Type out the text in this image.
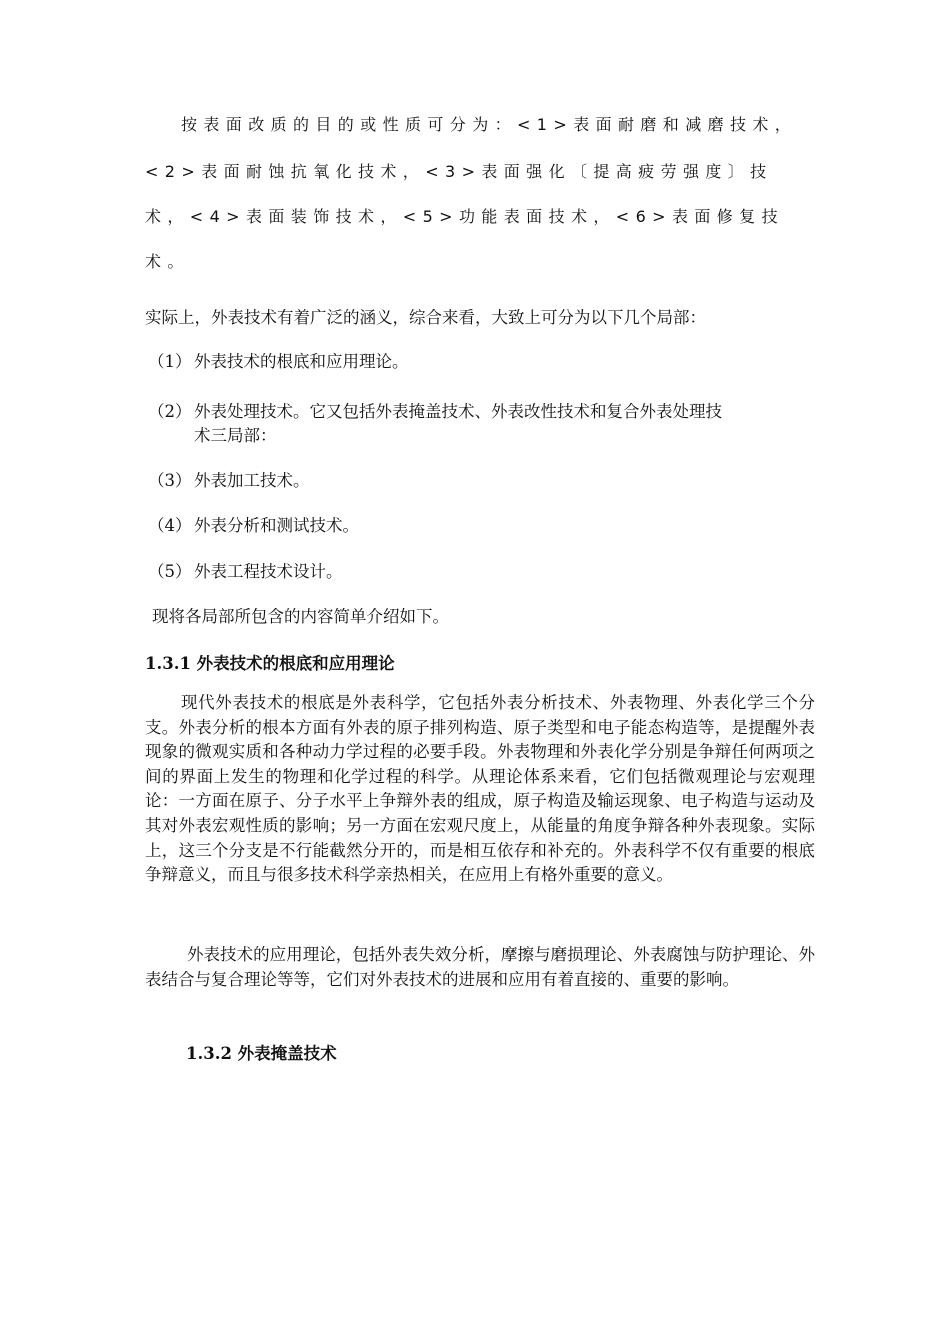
按表面改质的目的或性质可分为：<1>表面耐磨和减磨技术，
<2>表面耐蚀抗氧化技术，<3>表面强化〔提高疲劳强度〕技
术，<4>表面装饰技术，<5>功能表面技术，<6>表面修复技
术。
实际上，外表技术有着广泛的涵义，综合来看，大致上可分为以下几个局部：
（1） 外表技术的根底和应用理论。
（2） 外表处理技术。它又包括外表掩盖技术、外表改性技术和复合外表处理技
术三局部：
（3） 外表加工技术。
（4） 外表分析和测试技术。
（5） 外表工程技术设计。
现将各局部所包含的内容简单介绍如下。
1.3.1 外表技术的根底和应用理论

现代外表技术的根底是外表科学，它包括外表分析技术、外表物理、外表化学三个分支。外表分析的根本方面有外表的原子排列构造、原子类型和电子能态构造等，是提醒外表现象的微观实质和各种动力学过程的必要手段。外表物理和外表化学分别是争辩任何两项之间的界面上发生的物理和化学过程的科学。从理论体系来看，它们包括微观理论与宏观理论：一方面在原子、分子水平上争辩外表的组成，原子构造及输运现象、电子构造与运动及其对外表宏观性质的影响；另一方面在宏观尺度上，从能量的角度争辩各种外表现象。实际上，这三个分支是不行能截然分开的，而是相互依存和补充的。外表科学不仅有重要的根底争辩意义，而且与很多技术科学亲热相关，在应用上有格外重要的意义。

外表技术的应用理论，包括外表失效分析，摩擦与磨损理论、外表腐蚀与防护理论、外表结合与复合理论等等，它们对外表技术的进展和应用有着直接的、重要的影响。

1.3.2 外表掩盖技术
